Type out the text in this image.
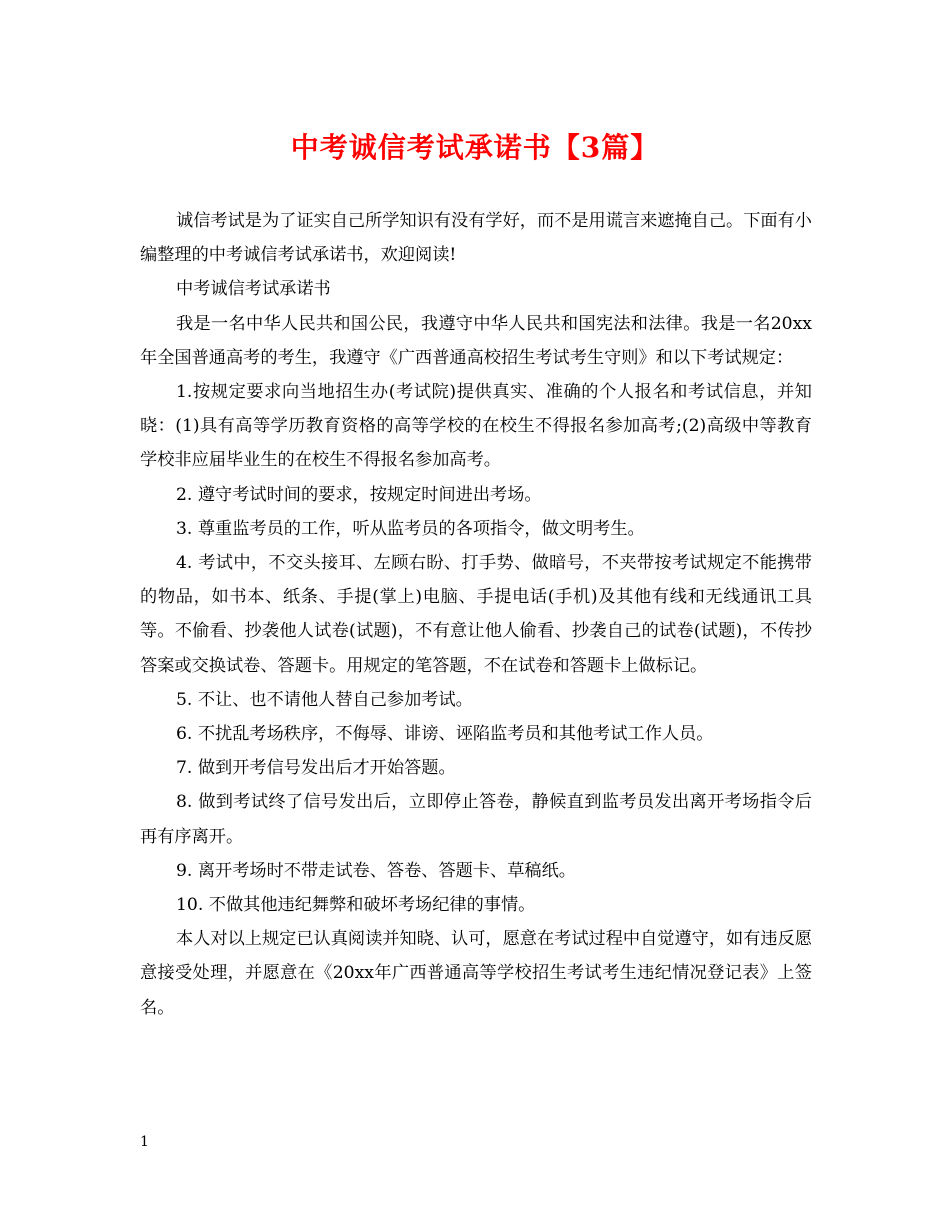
中考诚信考试承诺书【3篇】

诚信考试是为了证实自己所学知识有没有学好，而不是用谎言来遮掩自己。下面有小编整理的中考诚信考试承诺书，欢迎阅读!

中考诚信考试承诺书

我是一名中华人民共和国公民，我遵守中华人民共和国宪法和法律。我是一名20xx年全国普通高考的考生，我遵守《广西普通高校招生考试考生守则》和以下考试规定：

1.按规定要求向当地招生办(考试院)提供真实、准确的个人报名和考试信息，并知晓：(1)具有高等学历教育资格的高等学校的在校生不得报名参加高考;(2)高级中等教育学校非应届毕业生的在校生不得报名参加高考。

2. 遵守考试时间的要求，按规定时间进出考场。

3. 尊重监考员的工作，听从监考员的各项指令，做文明考生。

4. 考试中，不交头接耳、左顾右盼、打手势、做暗号，不夹带按考试规定不能携带的物品，如书本、纸条、手提(掌上)电脑、手提电话(手机)及其他有线和无线通讯工具等。不偷看、抄袭他人试卷(试题)，不有意让他人偷看、抄袭自己的试卷(试题)，不传抄答案或交换试卷、答题卡。用规定的笔答题，不在试卷和答题卡上做标记。

5. 不让、也不请他人替自己参加考试。

6. 不扰乱考场秩序，不侮辱、诽谤、诬陷监考员和其他考试工作人员。

7. 做到开考信号发出后才开始答题。

8. 做到考试终了信号发出后，立即停止答卷，静候直到监考员发出离开考场指令后再有序离开。

9. 离开考场时不带走试卷、答卷、答题卡、草稿纸。

10. 不做其他违纪舞弊和破坏考场纪律的事情。

本人对以上规定已认真阅读并知晓、认可，愿意在考试过程中自觉遵守，如有违反愿意接受处理，并愿意在《20xx年广西普通高等学校招生考试考生违纪情况登记表》上签名。

1
